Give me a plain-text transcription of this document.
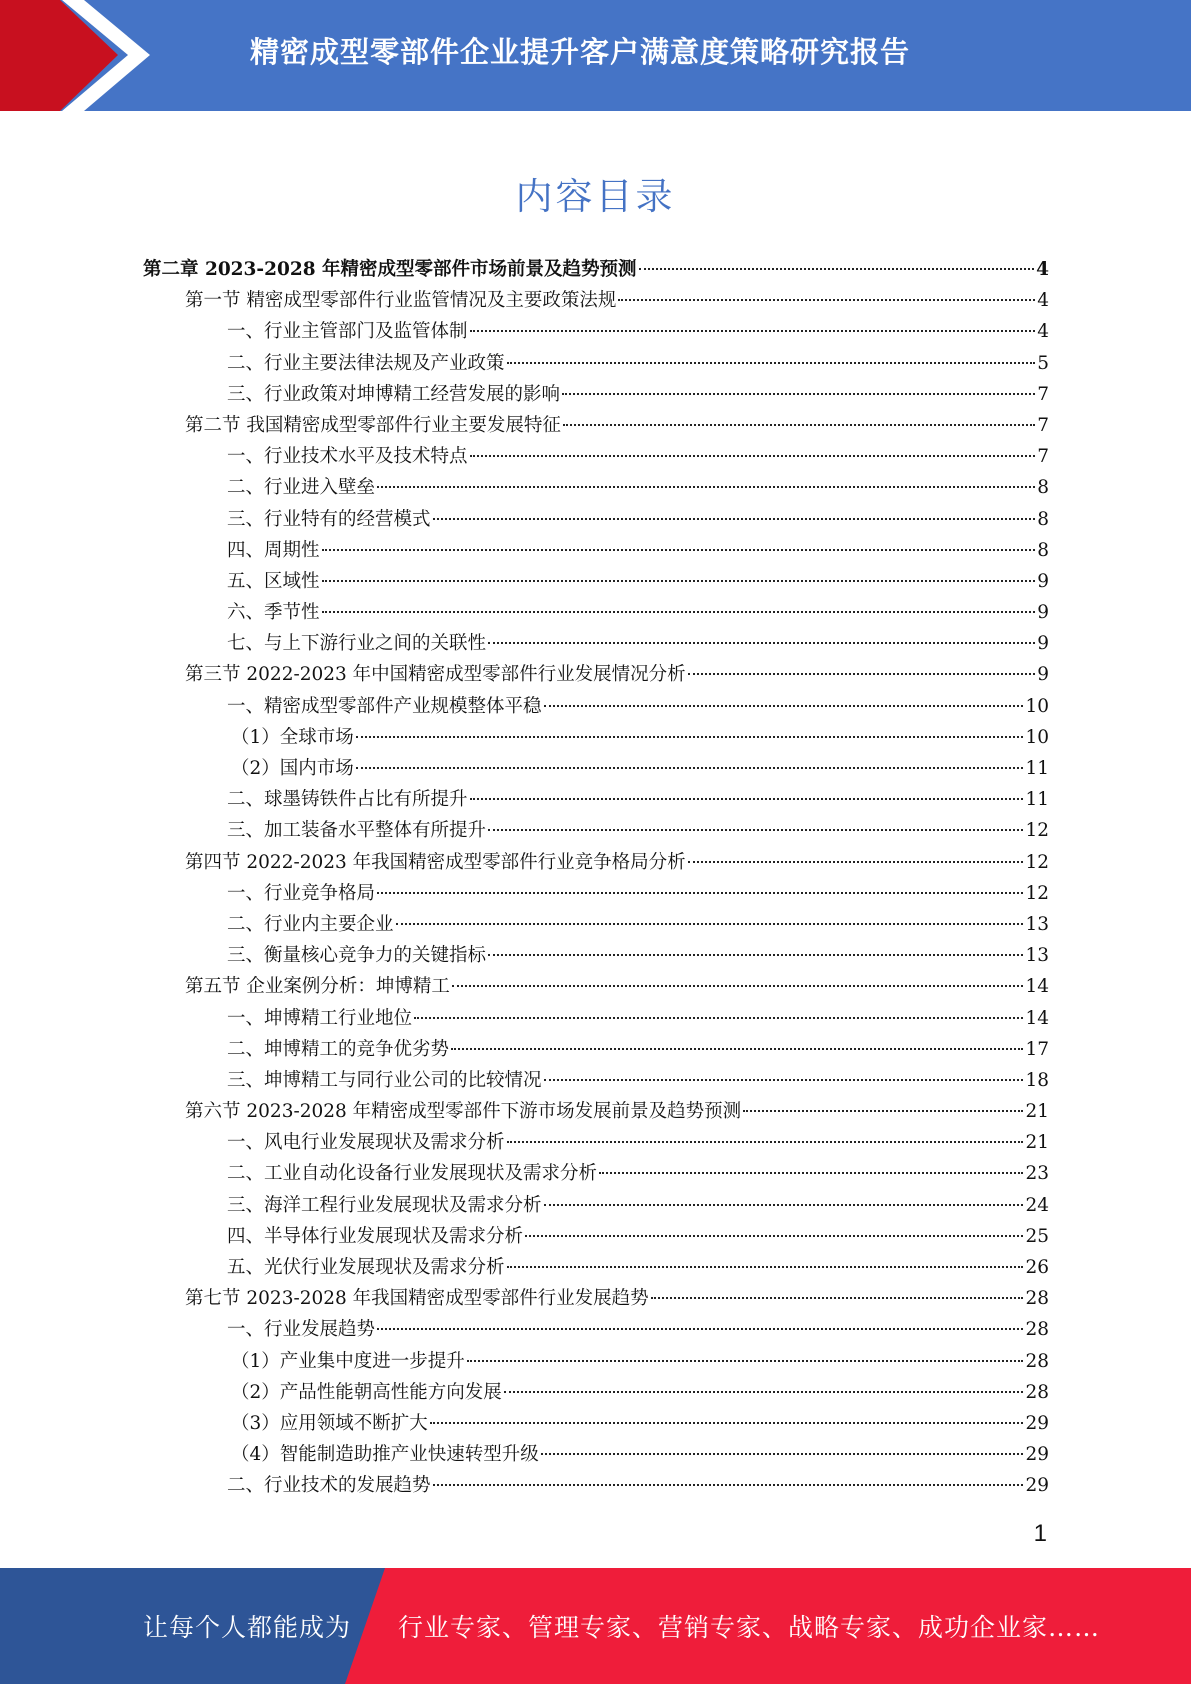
精密成型零部件企业提升客户满意度策略研究报告
内容目录
第二章 2023-2028 年精密成型零部件市场前景及趋势预测	4
第一节 精密成型零部件行业监管情况及主要政策法规	4
一、行业主管部门及监管体制	4
二、行业主要法律法规及产业政策	5
三、行业政策对坤博精工经营发展的影响	7
第二节 我国精密成型零部件行业主要发展特征	7
一、行业技术水平及技术特点	7
二、行业进入壁垒	8
三、行业特有的经营模式	8
四、周期性	8
五、区域性	9
六、季节性	9
七、与上下游行业之间的关联性	9
第三节 2022-2023 年中国精密成型零部件行业发展情况分析	9
一、精密成型零部件产业规模整体平稳	10
（1）全球市场	10
（2）国内市场	11
二、球墨铸铁件占比有所提升	11
三、加工装备水平整体有所提升	12
第四节 2022-2023 年我国精密成型零部件行业竞争格局分析	12
一、行业竞争格局	12
二、行业内主要企业	13
三、衡量核心竞争力的关键指标	13
第五节 企业案例分析：坤博精工	14
一、坤博精工行业地位	14
二、坤博精工的竞争优劣势	17
三、坤博精工与同行业公司的比较情况	18
第六节 2023-2028 年精密成型零部件下游市场发展前景及趋势预测	21
一、风电行业发展现状及需求分析	21
二、工业自动化设备行业发展现状及需求分析	23
三、海洋工程行业发展现状及需求分析	24
四、半导体行业发展现状及需求分析	25
五、光伏行业发展现状及需求分析	26
第七节 2023-2028 年我国精密成型零部件行业发展趋势	28
一、行业发展趋势	28
（1）产业集中度进一步提升	28
（2）产品性能朝高性能方向发展	28
（3）应用领域不断扩大	29
（4）智能制造助推产业快速转型升级	29
二、行业技术的发展趋势	29
1
让每个人都能成为 行业专家、管理专家、营销专家、战略专家、成功企业家……
